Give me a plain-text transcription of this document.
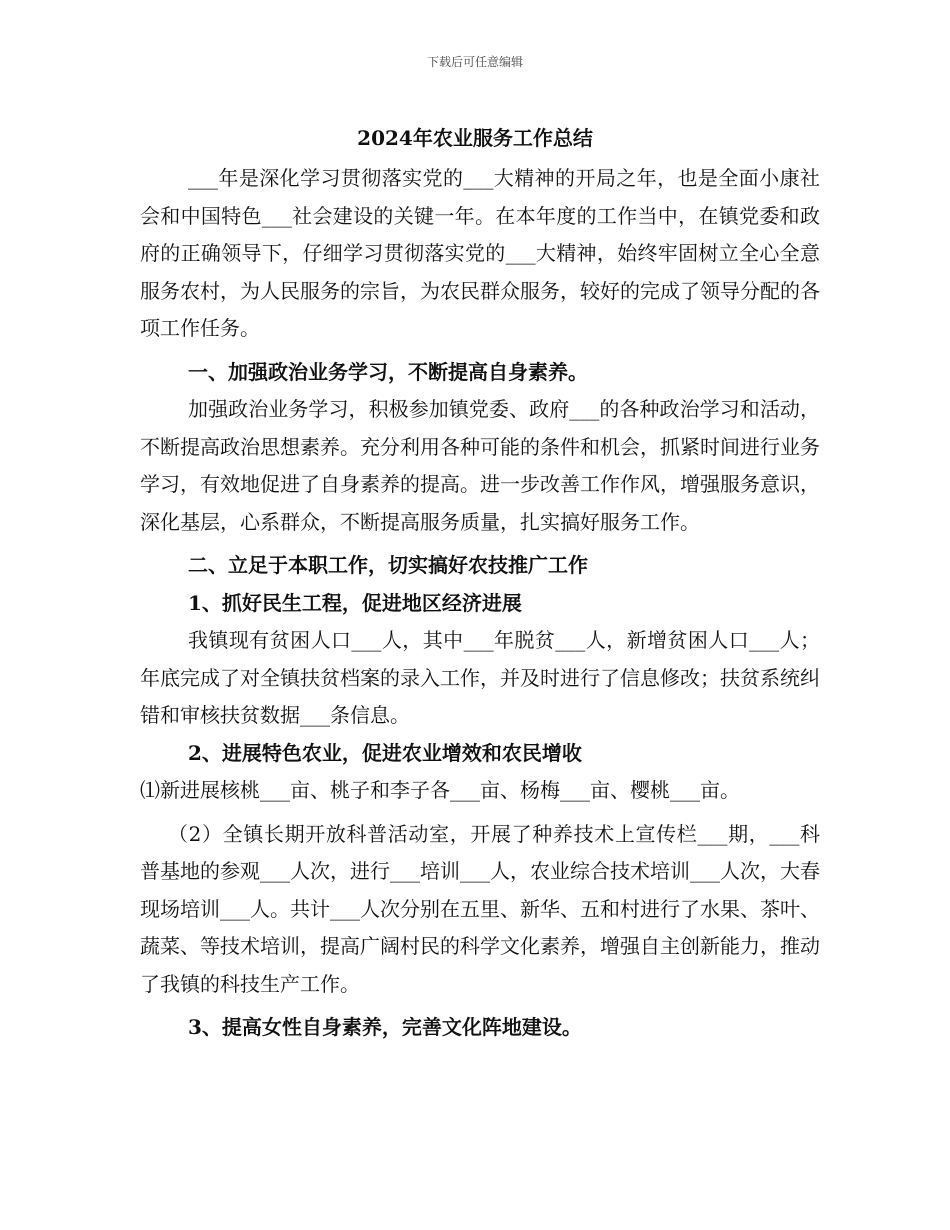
下载后可任意编辑
2024年农业服务工作总结

___年是深化学习贯彻落实党的___大精神的开局之年，也是全面小康社会和中国特色___社会建设的关键一年。在本年度的工作当中，在镇党委和政府的正确领导下，仔细学习贯彻落实党的___大精神，始终牢固树立全心全意服务农村，为人民服务的宗旨，为农民群众服务，较好的完成了领导分配的各项工作任务。

一、加强政治业务学习，不断提高自身素养。

加强政治业务学习，积极参加镇党委、政府___的各种政治学习和活动，不断提高政治思想素养。充分利用各种可能的条件和机会，抓紧时间进行业务学习，有效地促进了自身素养的提高。进一步改善工作作风，增强服务意识，深化基层，心系群众，不断提高服务质量，扎实搞好服务工作。

二、立足于本职工作，切实搞好农技推广工作

1、抓好民生工程，促进地区经济进展

我镇现有贫困人口___人，其中___年脱贫___人，新增贫困人口___人；年底完成了对全镇扶贫档案的录入工作，并及时进行了信息修改；扶贫系统纠错和审核扶贫数据___条信息。

2、进展特色农业，促进农业增效和农民增收

⑴新进展核桃___亩、桃子和李子各___亩、杨梅___亩、樱桃___亩。

（2）全镇长期开放科普活动室，开展了种养技术上宣传栏___期，___科普基地的参观___人次，进行___培训___人，农业综合技术培训___人次，大春现场培训___人。共计___人次分别在五里、新华、五和村进行了水果、茶叶、蔬菜、等技术培训，提高广阔村民的科学文化素养，增强自主创新能力，推动了我镇的科技生产工作。

3、提高女性自身素养，完善文化阵地建设。
